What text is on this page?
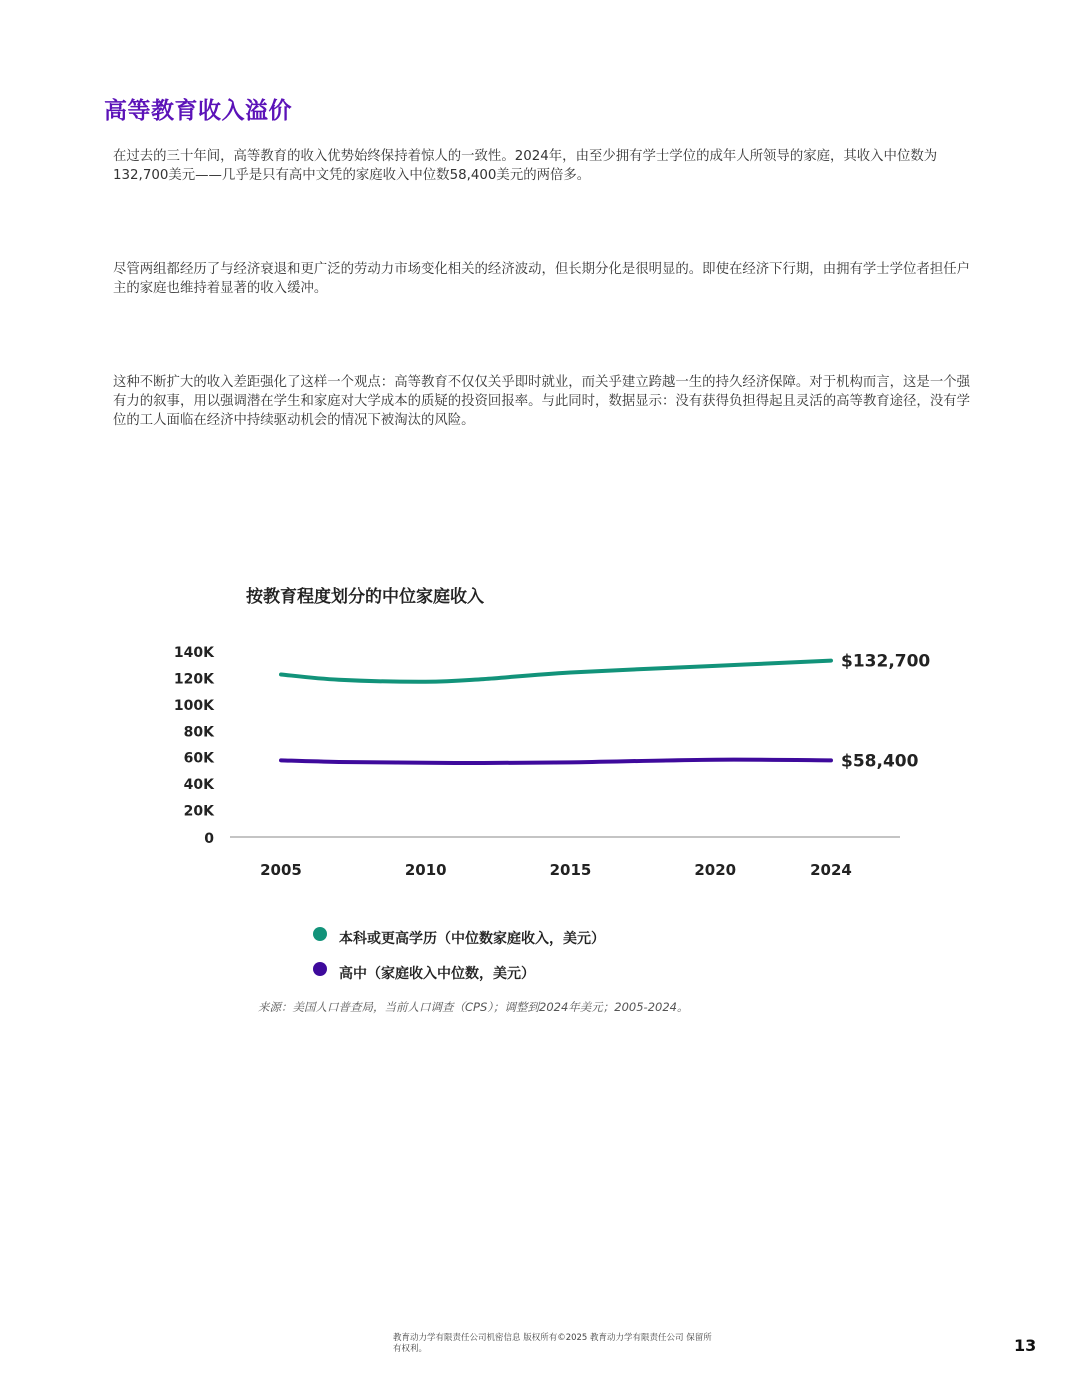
高等教育收入溢价

在过去的三十年间，高等教育的收入优势始终保持着惊人的一致性。2024年，由至少拥有学士学位的成年人所领导的家庭，其收入中位数为132,700美元——几乎是只有高中文凭的家庭收入中位数58,400美元的两倍多。

尽管两组都经历了与经济衰退和更广泛的劳动力市场变化相关的经济波动，但长期分化是很明显的。即使在经济下行期，由拥有学士学位者担任户主的家庭也维持着显著的收入缓冲。

这种不断扩大的收入差距强化了这样一个观点：高等教育不仅仅关乎即时就业，而关乎建立跨越一生的持久经济保障。对于机构而言，这是一个强有力的叙事，用以强调潜在学生和家庭对大学成本的质疑的投资回报率。与此同时，数据显示：没有获得负担得起且灵活的高等教育途径，没有学位的工人面临在经济中持续驱动机会的情况下被淘汰的风险。

按教育程度划分的中位家庭收入
0
20K
40K
60K
80K
100K
120K
140K
2005	2010	2015	2020	2024
$132,700
$58,400
本科或更高学历（中位数家庭收入，美元）
高中（家庭收入中位数，美元）
来源：美国人口普查局，当前人口调查（CPS）；调整到2024年美元；2005-2024。
教育动力学有限责任公司机密信息 版权所有©2025 教育动力学有限责任公司 保留所有权利。	13
